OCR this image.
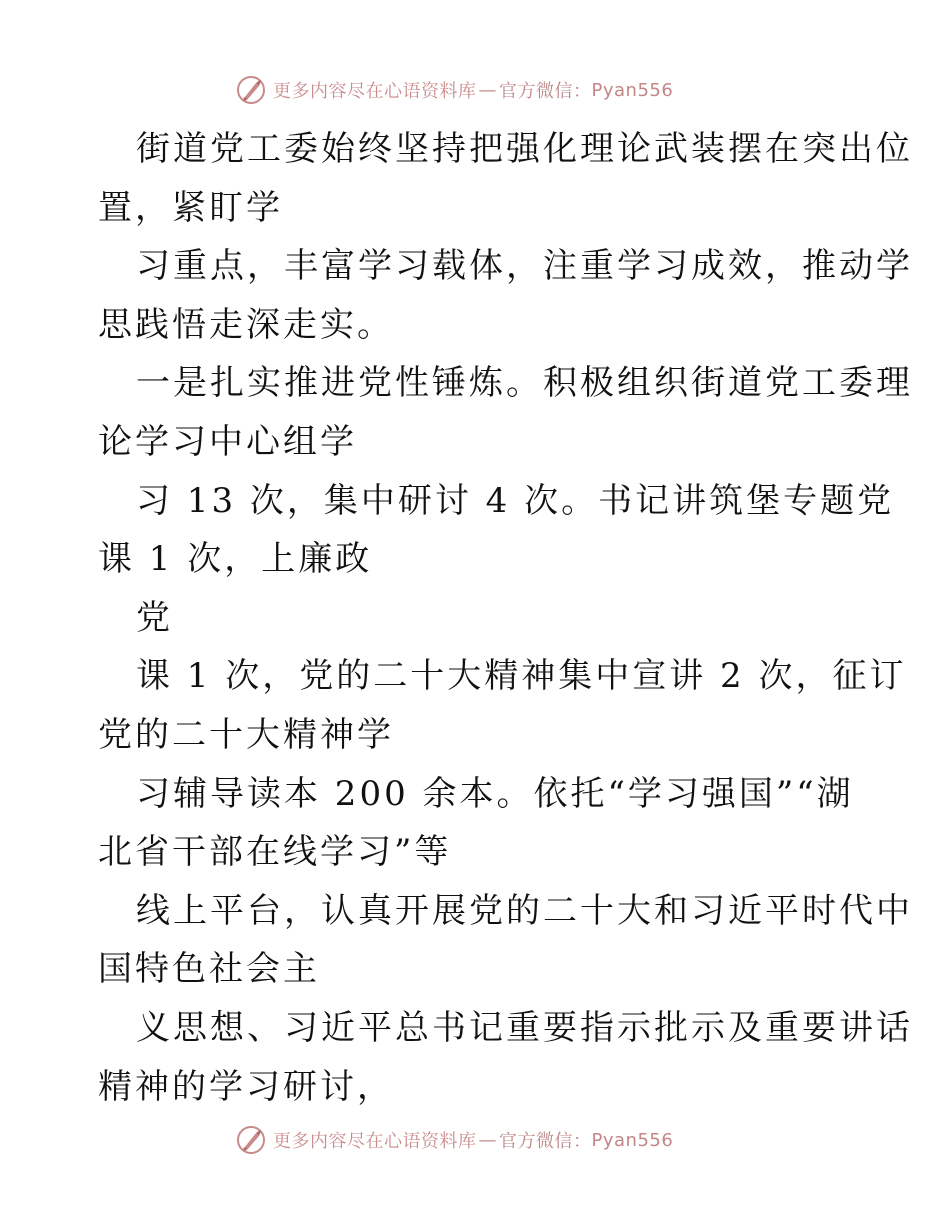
更多内容尽在心语资料库 — 官方微信： Pyan556
街道党工委始终坚持把强化理论武装摆在突出位
置，紧盯学
习重点，丰富学习载体，注重学习成效，推动学
思践悟走深走实。
一是扎实推进党性锤炼。积极组织街道党工委理
论学习中心组学
习 13 次，集中研讨 4 次。书记讲筑堡专题党
课 1 次，上廉政
党
课 1 次，党的二十大精神集中宣讲 2 次，征订
党的二十大精神学
习辅导读本 200 余本。依托“学习强国”“湖
北省干部在线学习”等
线上平台，认真开展党的二十大和习近平时代中
国特色社会主
义思想、习近平总书记重要指示批示及重要讲话
精神的学习研讨，
更多内容尽在心语资料库 — 官方微信： Pyan556
